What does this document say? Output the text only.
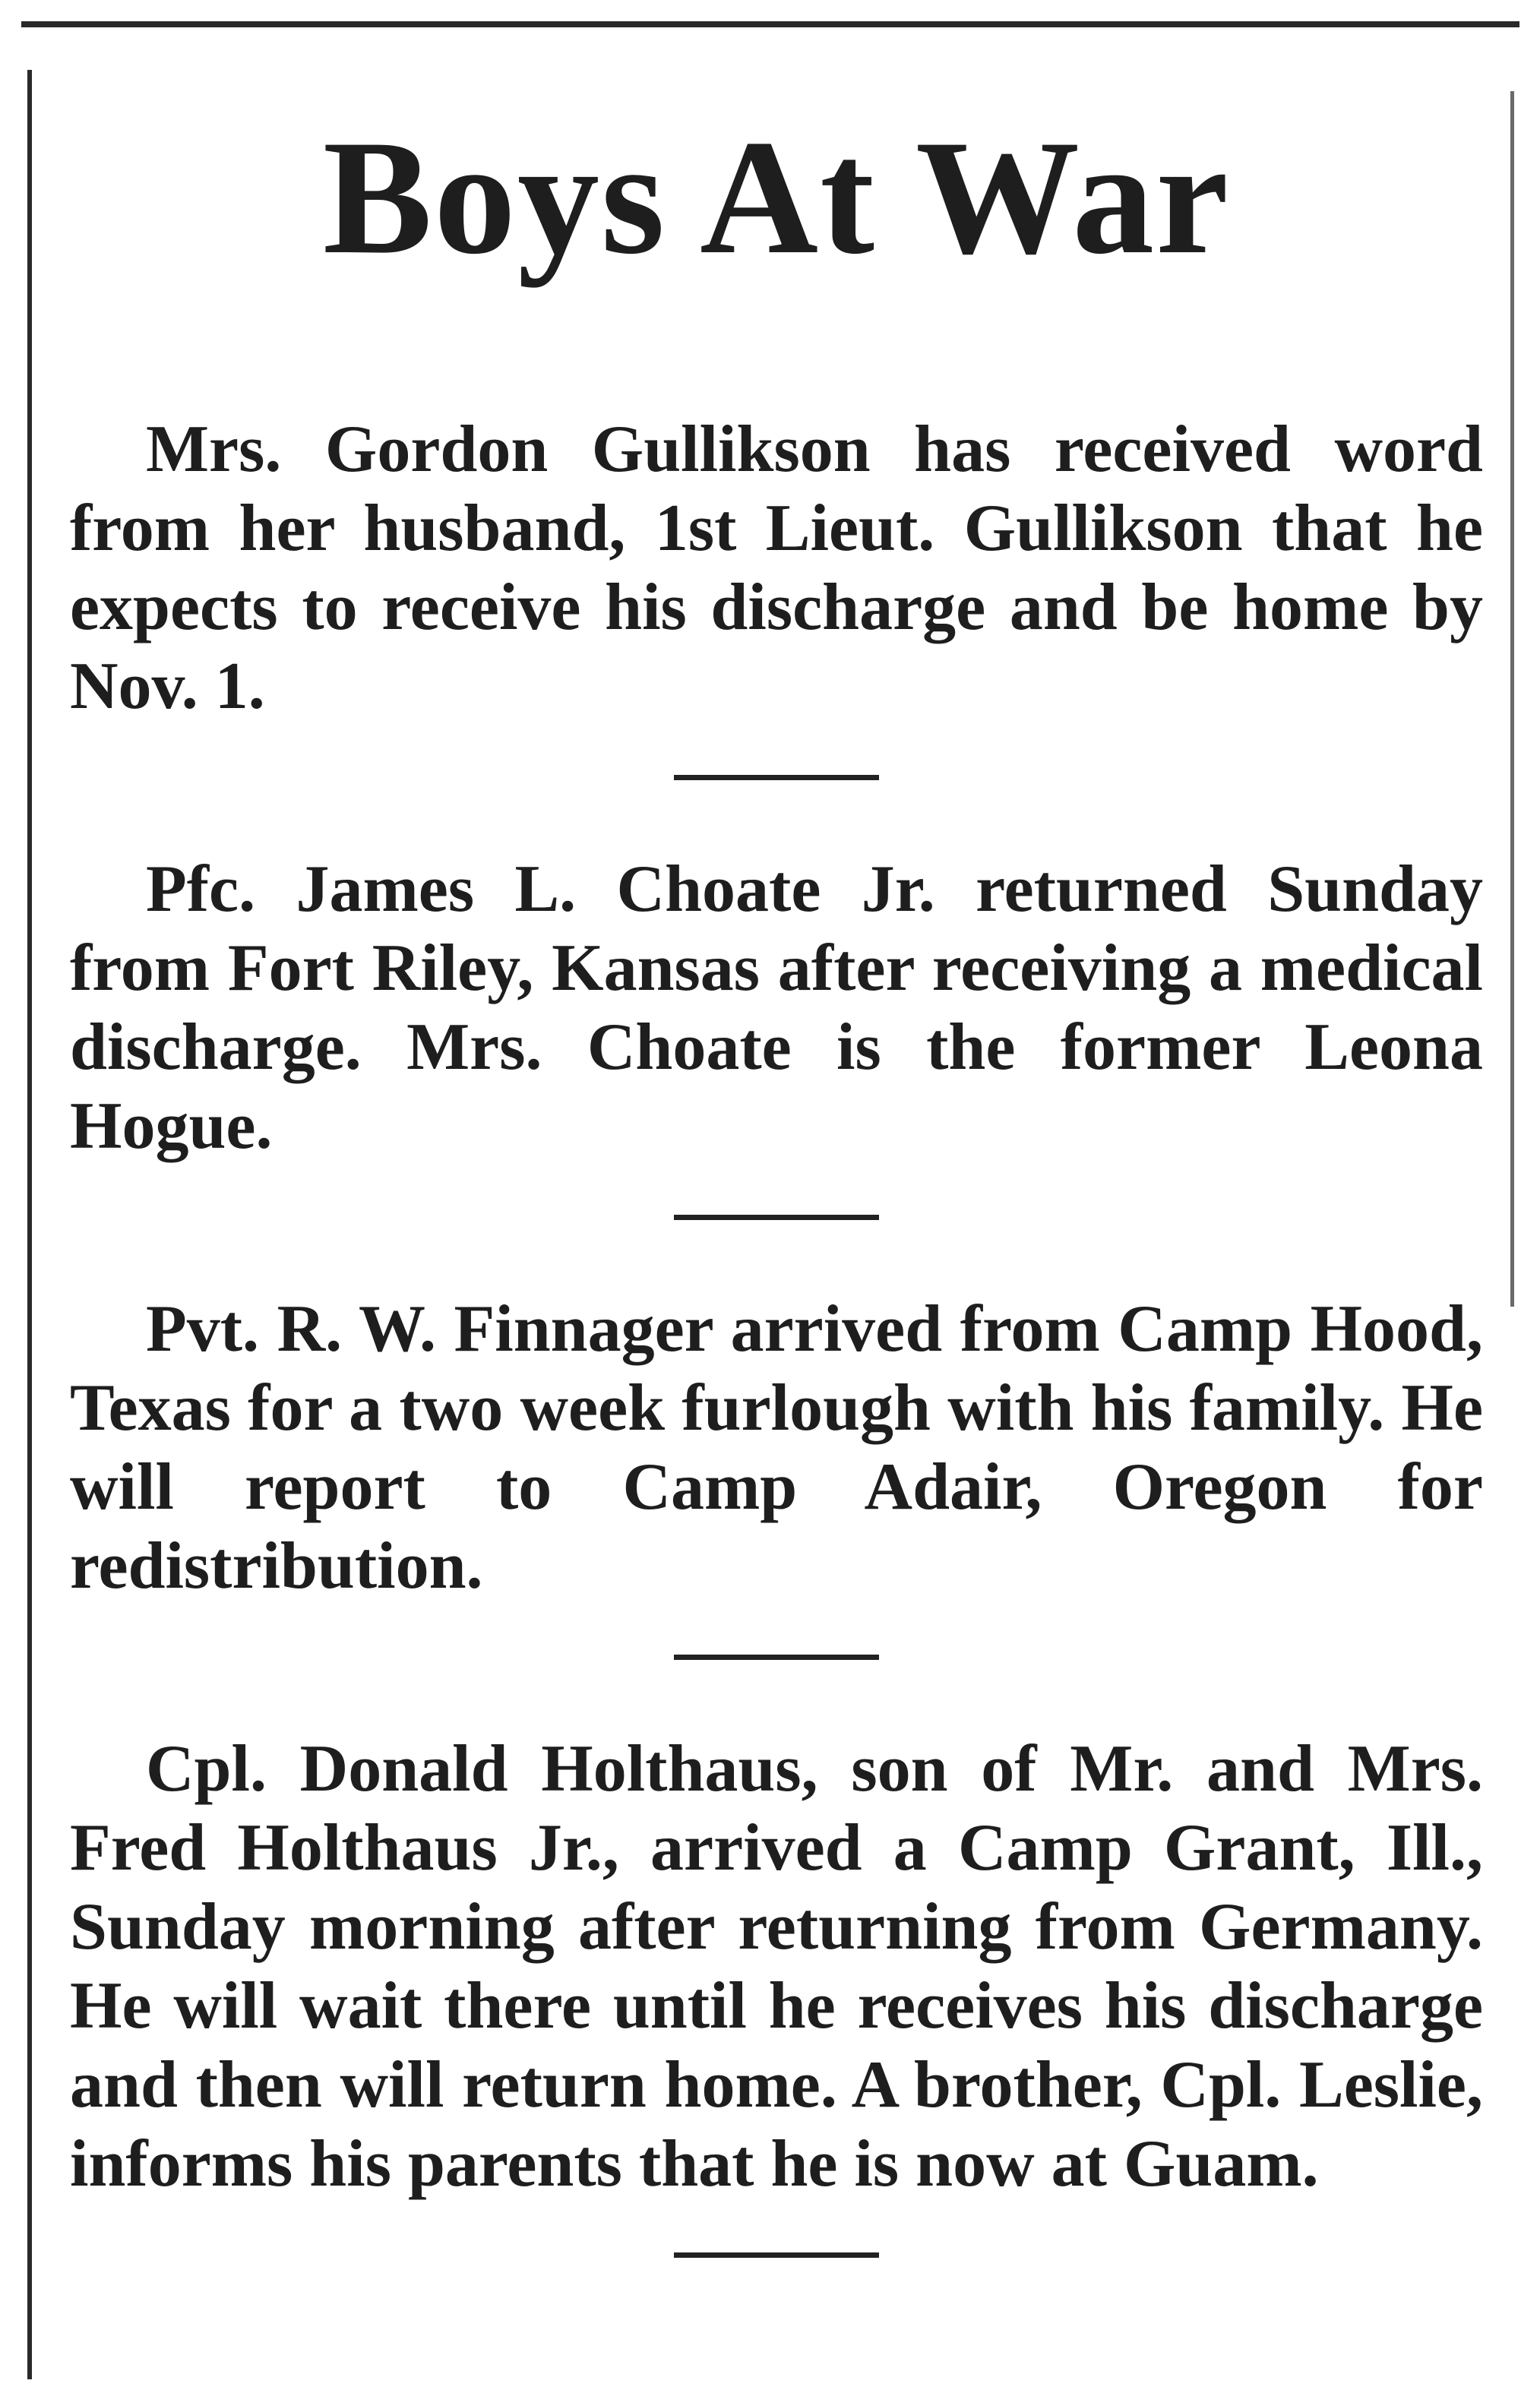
Boys At War

Mrs. Gordon Gullikson has received word from her husband, 1st Lieut. Gullikson that he expects to receive his discharge and be home by Nov. 1.

Pfc. James L. Choate Jr. returned Sunday from Fort Riley, Kansas after receiving a medical discharge. Mrs. Choate is the former Leona Hogue.

Pvt. R. W. Finnager arrived from Camp Hood, Texas for a two week furlough with his family. He will report to Camp Adair, Oregon for redistribution.

Cpl. Donald Holthaus, son of Mr. and Mrs. Fred Holthaus Jr., arrived a Camp Grant, Ill., Sunday morning after returning from Germany. He will wait there until he receives his discharge and then will return home. A brother, Cpl. Leslie, informs his parents that he is now at Guam.
